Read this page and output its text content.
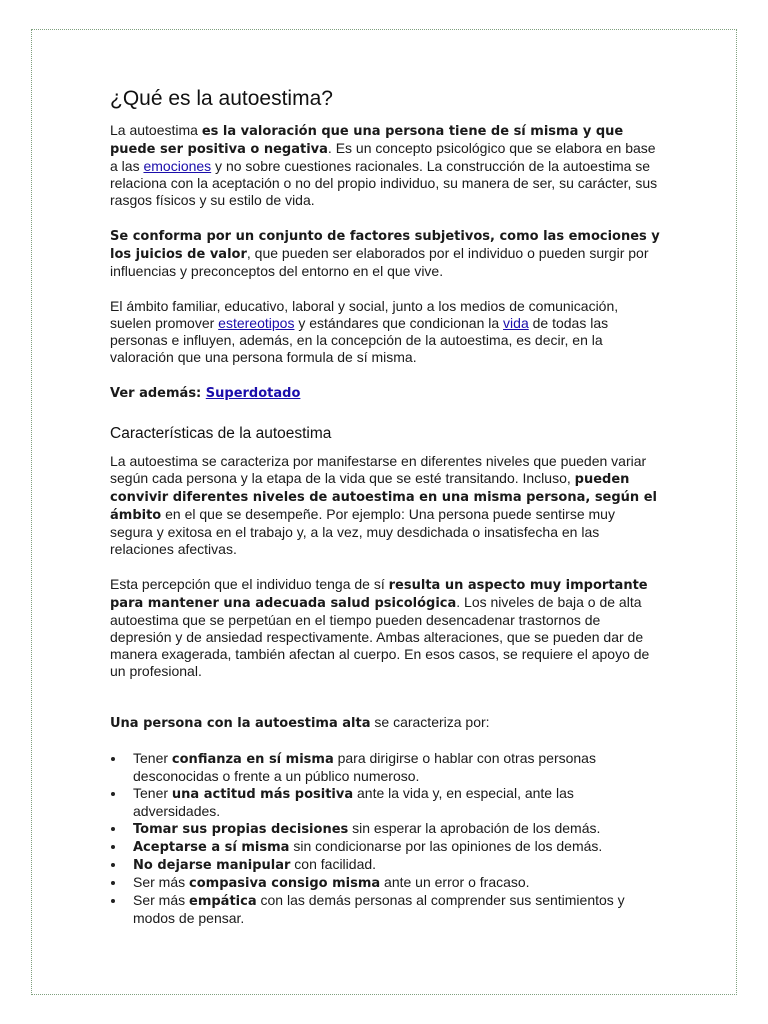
¿Qué es la autoestima?

La autoestima es la valoración que una persona tiene de sí misma y que puede ser positiva o negativa. Es un concepto psicológico que se elabora en base a las emociones y no sobre cuestiones racionales. La construcción de la autoestima se relaciona con la aceptación o no del propio individuo, su manera de ser, su carácter, sus rasgos físicos y su estilo de vida.

Se conforma por un conjunto de factores subjetivos, como las emociones y los juicios de valor, que pueden ser elaborados por el individuo o pueden surgir por influencias y preconceptos del entorno en el que vive.

El ámbito familiar, educativo, laboral y social, junto a los medios de comunicación, suelen promover estereotipos y estándares que condicionan la vida de todas las personas e influyen, además, en la concepción de la autoestima, es decir, en la valoración que una persona formula de sí misma.

Ver además: Superdotado

Características de la autoestima

La autoestima se caracteriza por manifestarse en diferentes niveles que pueden variar según cada persona y la etapa de la vida que se esté transitando. Incluso, pueden convivir diferentes niveles de autoestima en una misma persona, según el ámbito en el que se desempeñe. Por ejemplo: Una persona puede sentirse muy segura y exitosa en el trabajo y, a la vez, muy desdichada o insatisfecha en las relaciones afectivas.

Esta percepción que el individuo tenga de sí resulta un aspecto muy importante para mantener una adecuada salud psicológica. Los niveles de baja o de alta autoestima que se perpetúan en el tiempo pueden desencadenar trastornos de depresión y de ansiedad respectivamente. Ambas alteraciones, que se pueden dar de manera exagerada, también afectan al cuerpo. En esos casos, se requiere el apoyo de un profesional.

Una persona con la autoestima alta se caracteriza por:

Tener confianza en sí misma para dirigirse o hablar con otras personas desconocidas o frente a un público numeroso.
Tener una actitud más positiva ante la vida y, en especial, ante las adversidades.
Tomar sus propias decisiones sin esperar la aprobación de los demás.
Aceptarse a sí misma sin condicionarse por las opiniones de los demás.
No dejarse manipular con facilidad.
Ser más compasiva consigo misma ante un error o fracaso.
Ser más empática con las demás personas al comprender sus sentimientos y modos de pensar.
